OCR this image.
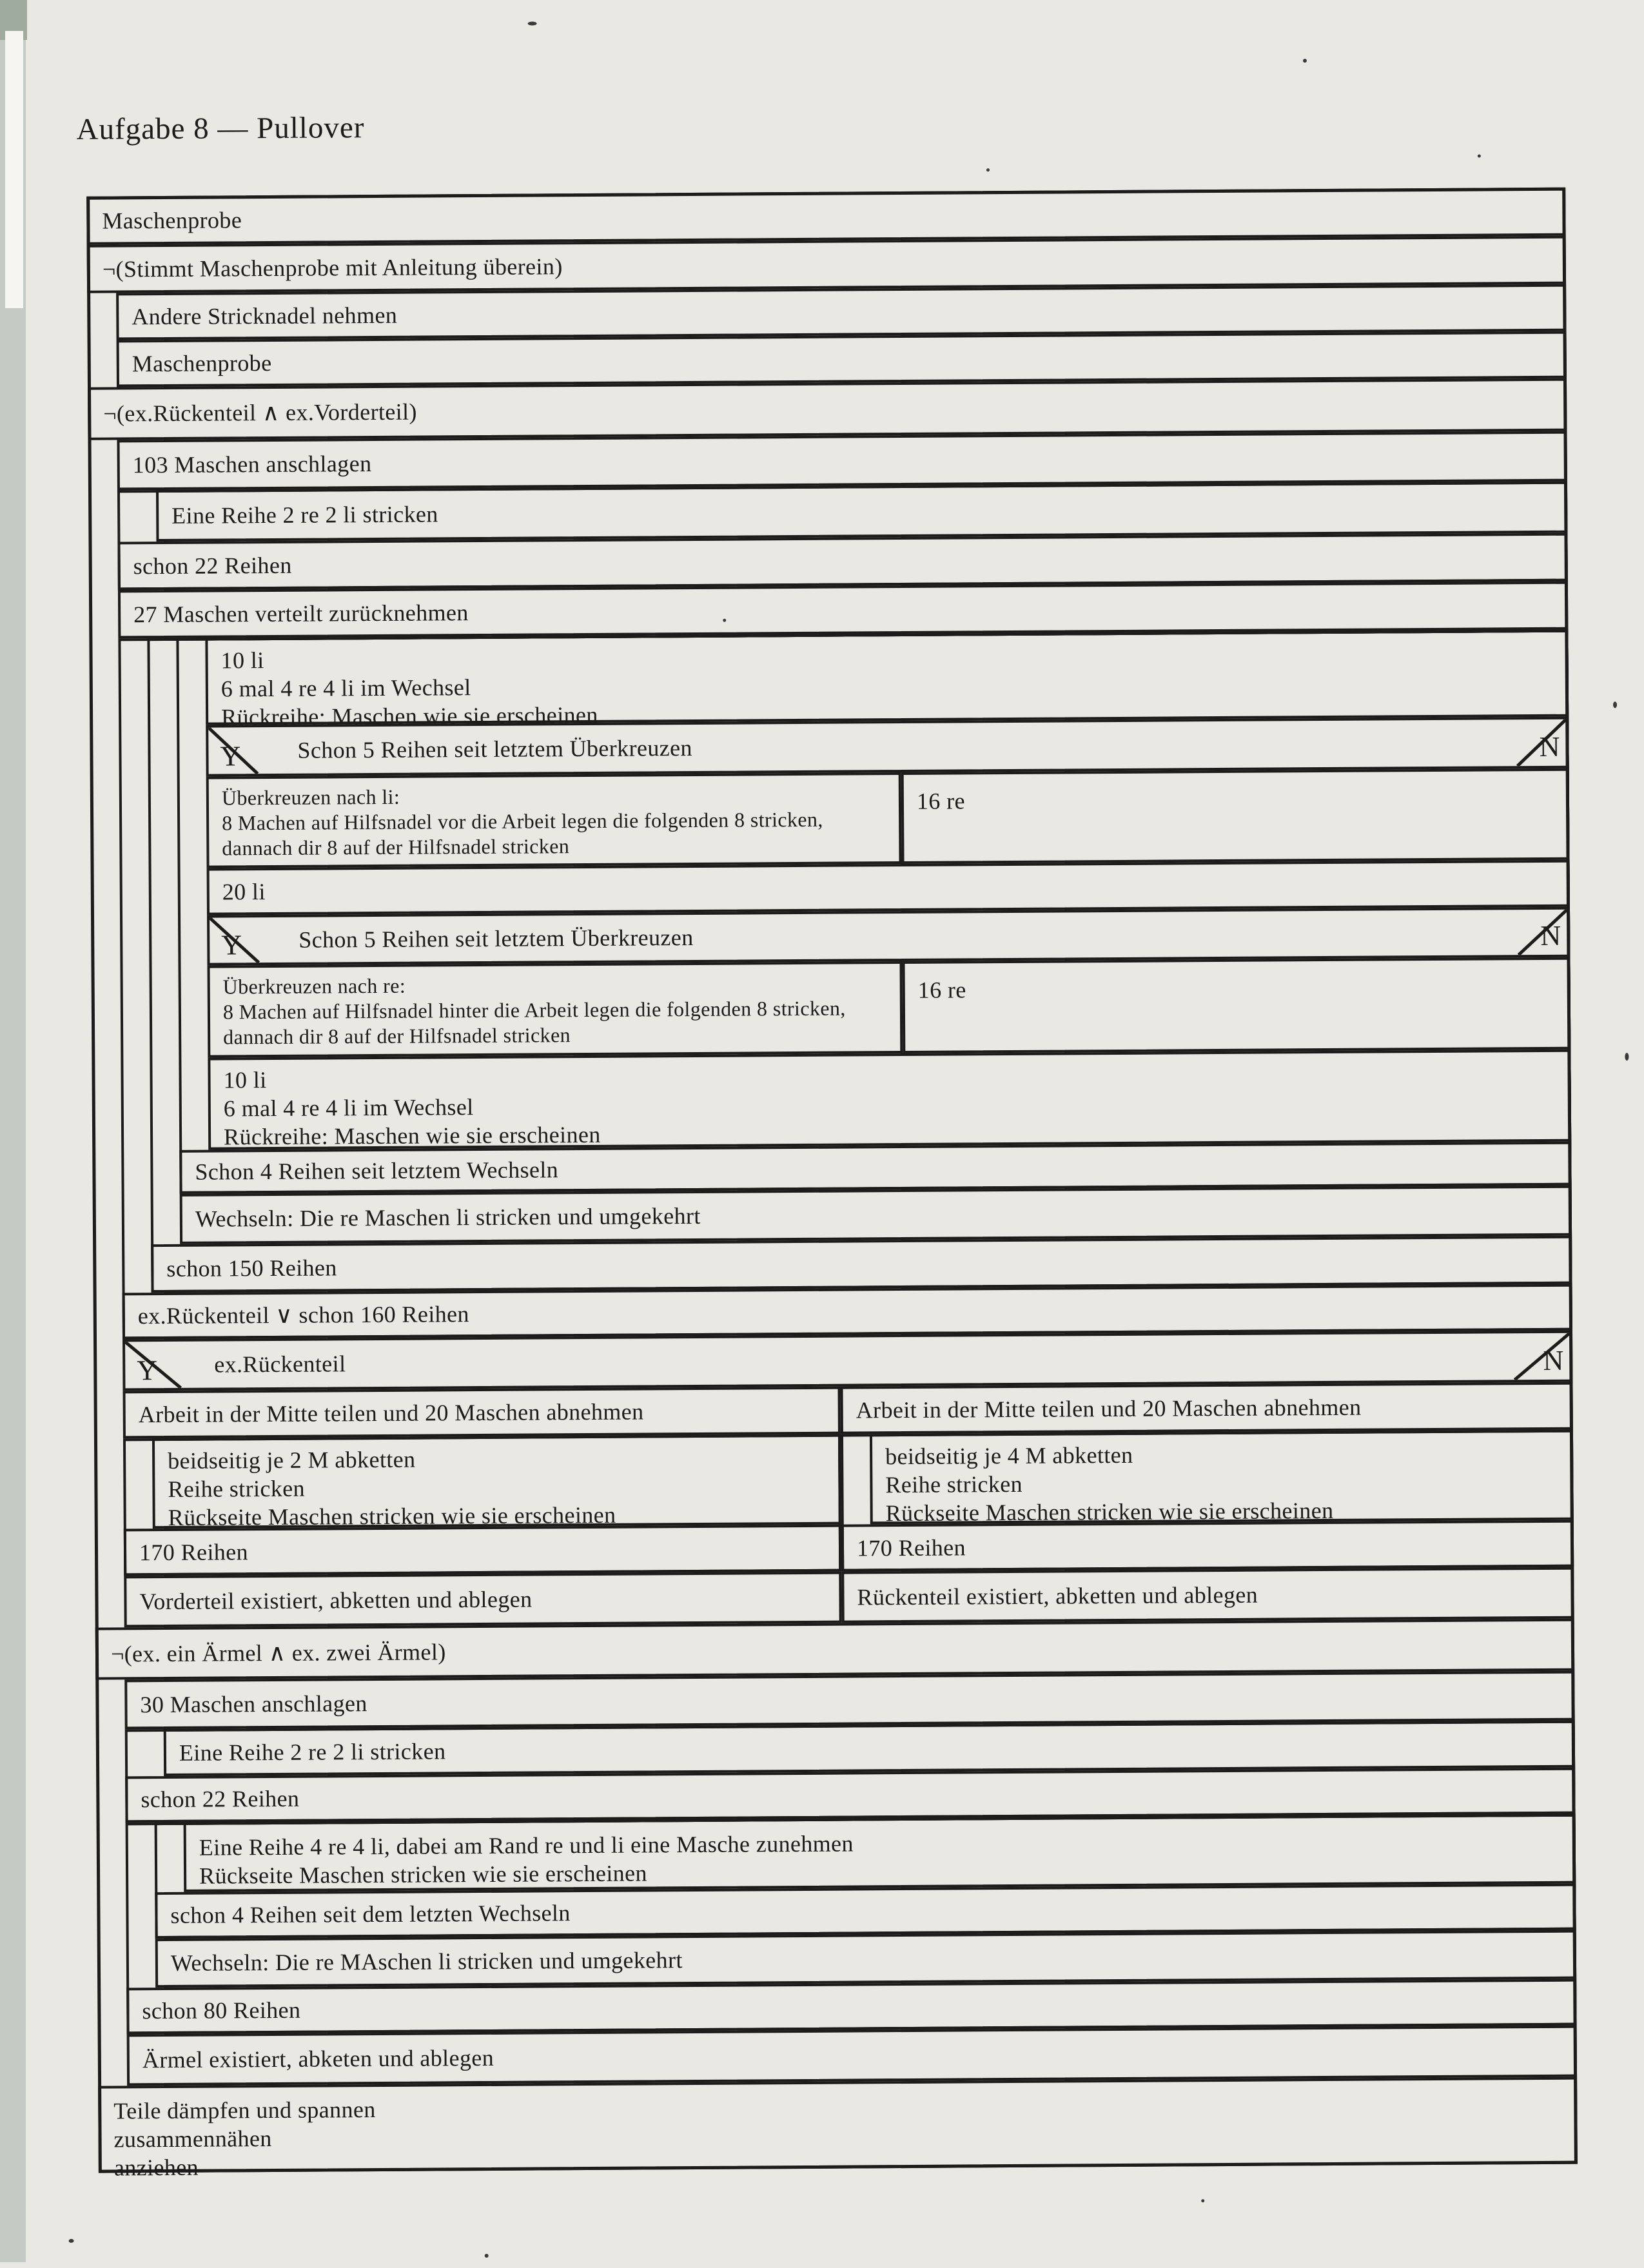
Aufgabe 8 — Pullover
Maschenprobe
¬(Stimmt Maschenprobe mit Anleitung überein)
Andere Stricknadel nehmen
Maschenprobe
¬(ex.Rückenteil ∧ ex.Vorderteil)
103 Maschen anschlagen
Eine Reihe 2 re 2 li stricken
schon 22 Reihen
27 Maschen verteilt zurücknehmen
10 li
6 mal 4 re 4 li im Wechsel
Rückreihe: Maschen wie sie erscheinen
Y Schon 5 Reihen seit letztem Überkreuzen	N
Überkreuzen nach li:
8 Machen auf Hilfsnadel vor die Arbeit legen die folgenden 8 stricken,
dannach dir 8 auf der Hilfsnadel stricken
16 re
20 li
Y Schon 5 Reihen seit letztem Überkreuzen	N
Überkreuzen nach re:
8 Machen auf Hilfsnadel hinter die Arbeit legen die folgenden 8 stricken,
dannach dir 8 auf der Hilfsnadel stricken
16 re
10 li
6 mal 4 re 4 li im Wechsel
Rückreihe: Maschen wie sie erscheinen
Schon 4 Reihen seit letztem Wechseln
Wechseln: Die re Maschen li stricken und umgekehrt
schon 150 Reihen
ex.Rückenteil ∨ schon 160 Reihen
Y ex.Rückenteil	N
Arbeit in der Mitte teilen und 20 Maschen abnehmen
beidseitig je 2 M abketten
Reihe stricken
Rückseite Maschen stricken wie sie erscheinen
170 Reihen
Vorderteil existiert, abketten und ablegen
Arbeit in der Mitte teilen und 20 Maschen abnehmen
beidseitig je 4 M abketten
Reihe stricken
Rückseite Maschen stricken wie sie erscheinen
170 Reihen
Rückenteil existiert, abketten und ablegen
¬(ex. ein Ärmel ∧ ex. zwei Ärmel)
30 Maschen anschlagen
Eine Reihe 2 re 2 li stricken
schon 22 Reihen
Eine Reihe 4 re 4 li, dabei am Rand re und li eine Masche zunehmen
Rückseite Maschen stricken wie sie erscheinen
schon 4 Reihen seit dem letzten Wechseln
Wechseln: Die re MAschen li stricken und umgekehrt
schon 80 Reihen
Ärmel existiert, abketen und ablegen
Teile dämpfen und spannen
zusammennähen
anziehen
